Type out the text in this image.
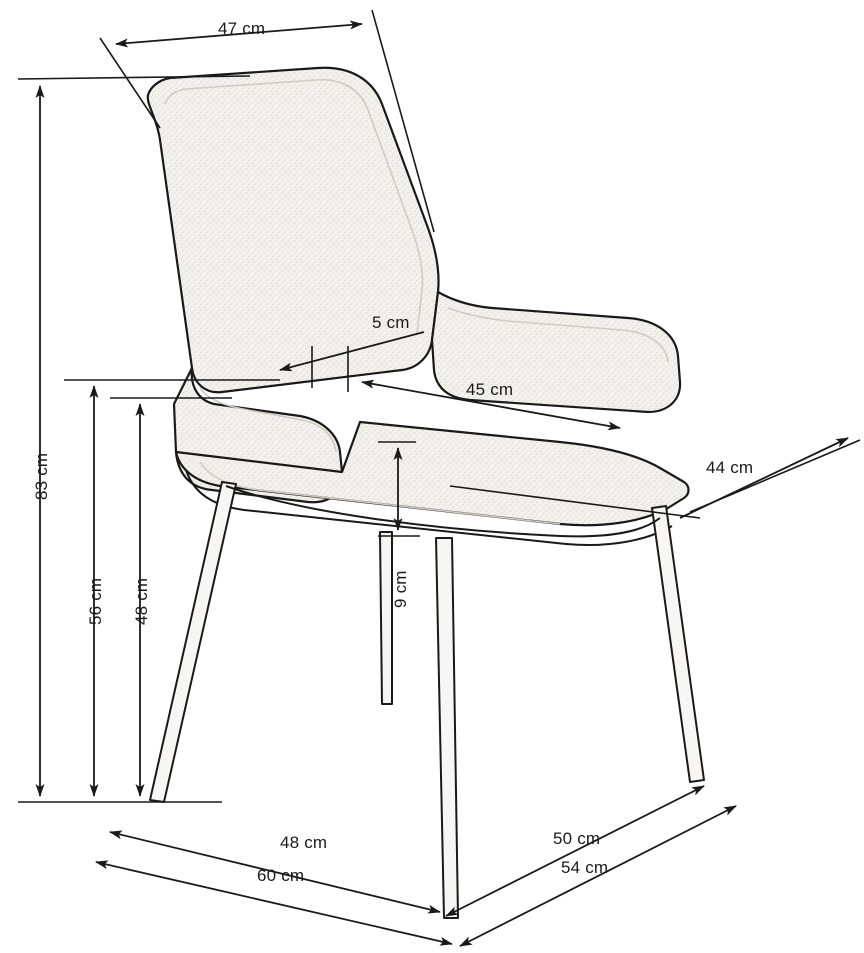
47 cm
83 cm
56 cm 48 cm
5 cm
45 cm
44 cm
9 cm
48 cm
60 cm
50 cm
54 cm
